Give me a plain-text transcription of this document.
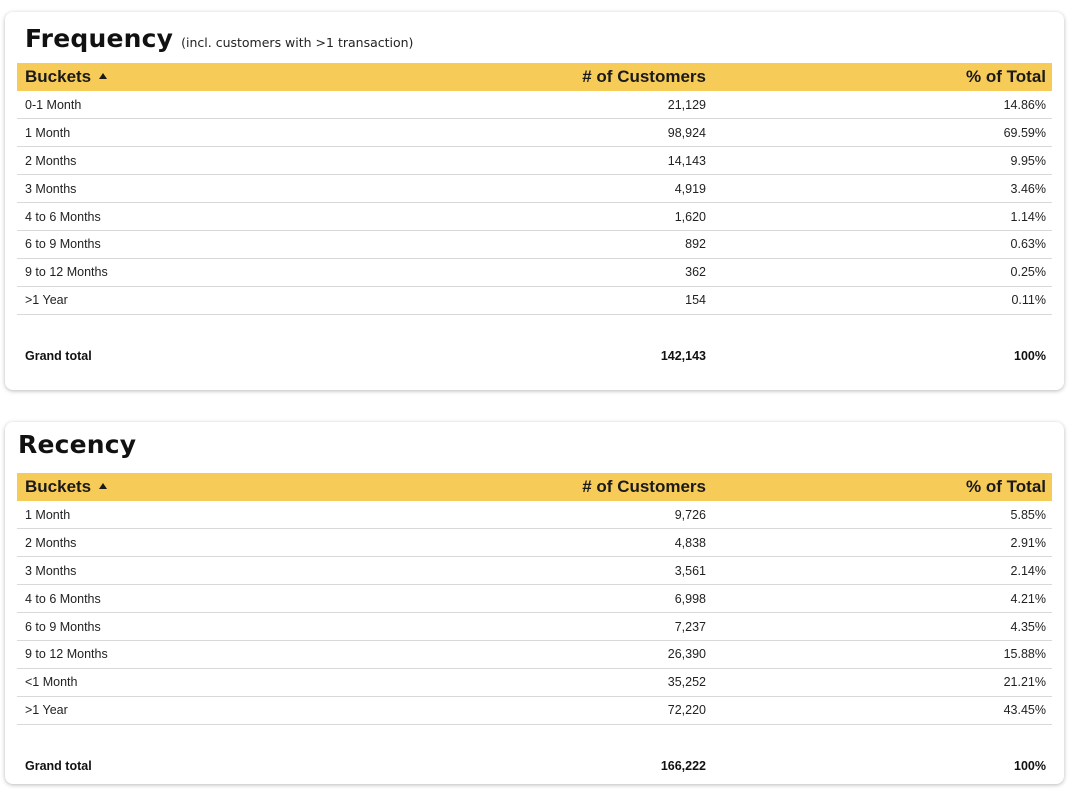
Frequency (incl. customers with >1 transaction)
Buckets	# of Customers	% of Total
0-1 Month	21,129	14.86%
1 Month	98,924	69.59%
2 Months	14,143	9.95%
3 Months	4,919	3.46%
4 to 6 Months	1,620	1.14%
6 to 9 Months	892	0.63%
9 to 12 Months	362	0.25%
>1 Year	154	0.11%

Grand total	142,143	100%
Recency
Buckets	# of Customers	% of Total
1 Month	9,726	5.85%
2 Months	4,838	2.91%
3 Months	3,561	2.14%
4 to 6 Months	6,998	4.21%
6 to 9 Months	7,237	4.35%
9 to 12 Months	26,390	15.88%
<1 Month	35,252	21.21%
>1 Year	72,220	43.45%

Grand total	166,222	100%
